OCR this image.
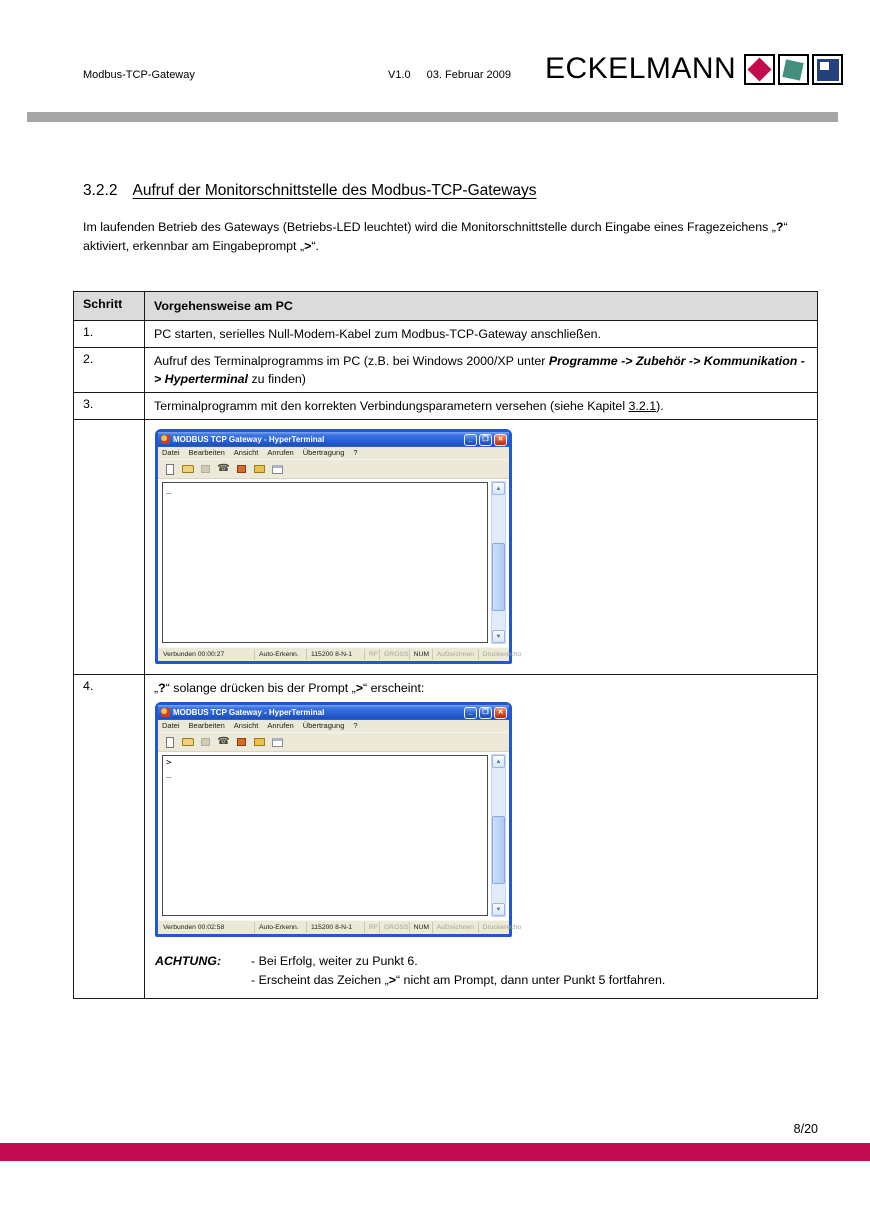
Modbus-TCP-Gateway	V1.0 03. Februar 2009 ECKELMANN
3.2.2 Aufruf der Monitorschnittstelle des Modbus-TCP-Gateways

Im laufenden Betrieb des Gateways (Betriebs-LED leuchtet) wird die Monitorschnittstelle durch Eingabe eines Fragezeichens „?“ aktiviert, erkennbar am Eingabeprompt „>“.

Schritt	Vorgehensweise am PC
1.	PC starten, serielles Null-Modem-Kabel zum Modbus-TCP-Gateway anschließen.
2.	Aufruf des Terminalprogramms im PC (z.B. bei Windows 2000/XP unter Programme -> Zubehör -> Kommunikation -> Hyperterminal zu finden)
3.	Terminalprogramm mit den korrekten Verbindungsparametern versehen (siehe Kapitel 3.2.1).
MODBUS TCP Gateway - HyperTerminal	_	❐	✕
Datei Bearbeiten Ansicht Anrufen Übertragung ?
☎
_	▲
▼
Verbunden 00:00:27	Auto-Erkenn.	115200 8-N-1	RF GROSS NUM	Aufzeichnen	Druckerecho
4.	„?“ solange drücken bis der Prompt „>“ erscheint:
MODBUS TCP Gateway - HyperTerminal	_	❐	✕
Datei Bearbeiten Ansicht Anrufen Übertragung ?
☎
>
_
▲
▼
Verbunden 00:02:58	Auto-Erkenn.	115200 8-N-1	RF GROSS NUM	Aufzeichnen	Druckerecho
ACHTUNG:	- Bei Erfolg, weiter zu Punkt 6.
- Erscheint das Zeichen „>“ nicht am Prompt, dann unter Punkt 5 fortfahren.
8/20
